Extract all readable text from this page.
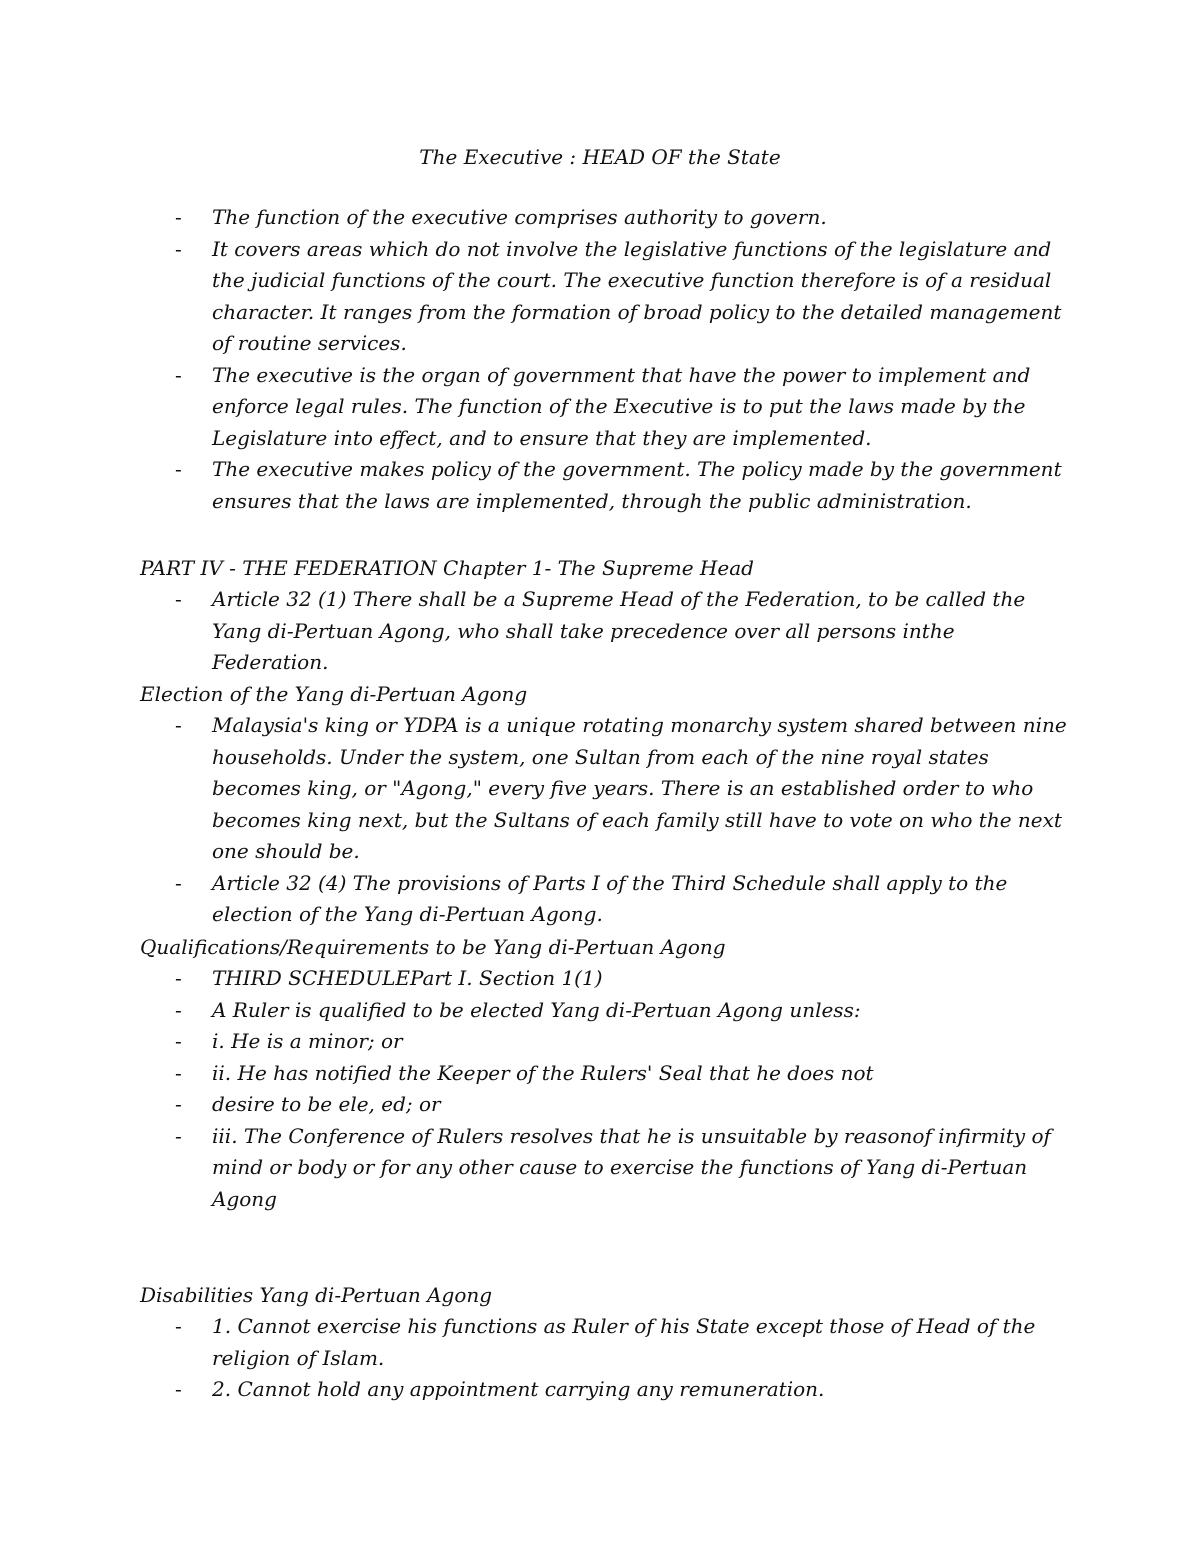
The Executive : HEAD OF the State
- The function of the executive comprises authority to govern.
- It covers areas which do not involve the legislative functions of the legislature and the judicial functions of the court. The executive function therefore is of a residual character. It ranges from the formation of broad policy to the detailed management of routine services.
- The executive is the organ of government that have the power to implement and enforce legal rules. The function of the Executive is to put the laws made by the Legislature into effect, and to ensure that they are implemented.
- The executive makes policy of the government. The policy made by the government ensures that the laws are implemented, through the public administration.

PART IV - THE FEDERATION Chapter 1- The Supreme Head

- Article 32 (1) There shall be a Supreme Head of the Federation, to be called the Yang di-Pertuan Agong, who shall take precedence over all persons inthe Federation.

Election of the Yang di-Pertuan Agong

- Malaysia's king or YDPA is a unique rotating monarchy system shared between nine households. Under the system, one Sultan from each of the nine royal states becomes king, or "Agong," every five years. There is an established order to who becomes king next, but the Sultans of each family still have to vote on who the next one should be.
- Article 32 (4) The provisions of Parts I of the Third Schedule shall apply to the election of the Yang di-Pertuan Agong.

Qualifications/Requirements to be Yang di-Pertuan Agong

- THIRD SCHEDULEPart I. Section 1(1)
- A Ruler is qualified to be elected Yang di-Pertuan Agong unless:
- i. He is a minor; or
- ii. He has notified the Keeper of the Rulers' Seal that he does not
- desire to be ele, ed; or
- iii. The Conference of Rulers resolves that he is unsuitable by reasonof infirmity of mind or body or for any other cause to exercise the functions of Yang di-Pertuan Agong

Disabilities Yang di-Pertuan Agong

- 1. Cannot exercise his functions as Ruler of his State except those of Head of the religion of Islam.
- 2. Cannot hold any appointment carrying any remuneration.
